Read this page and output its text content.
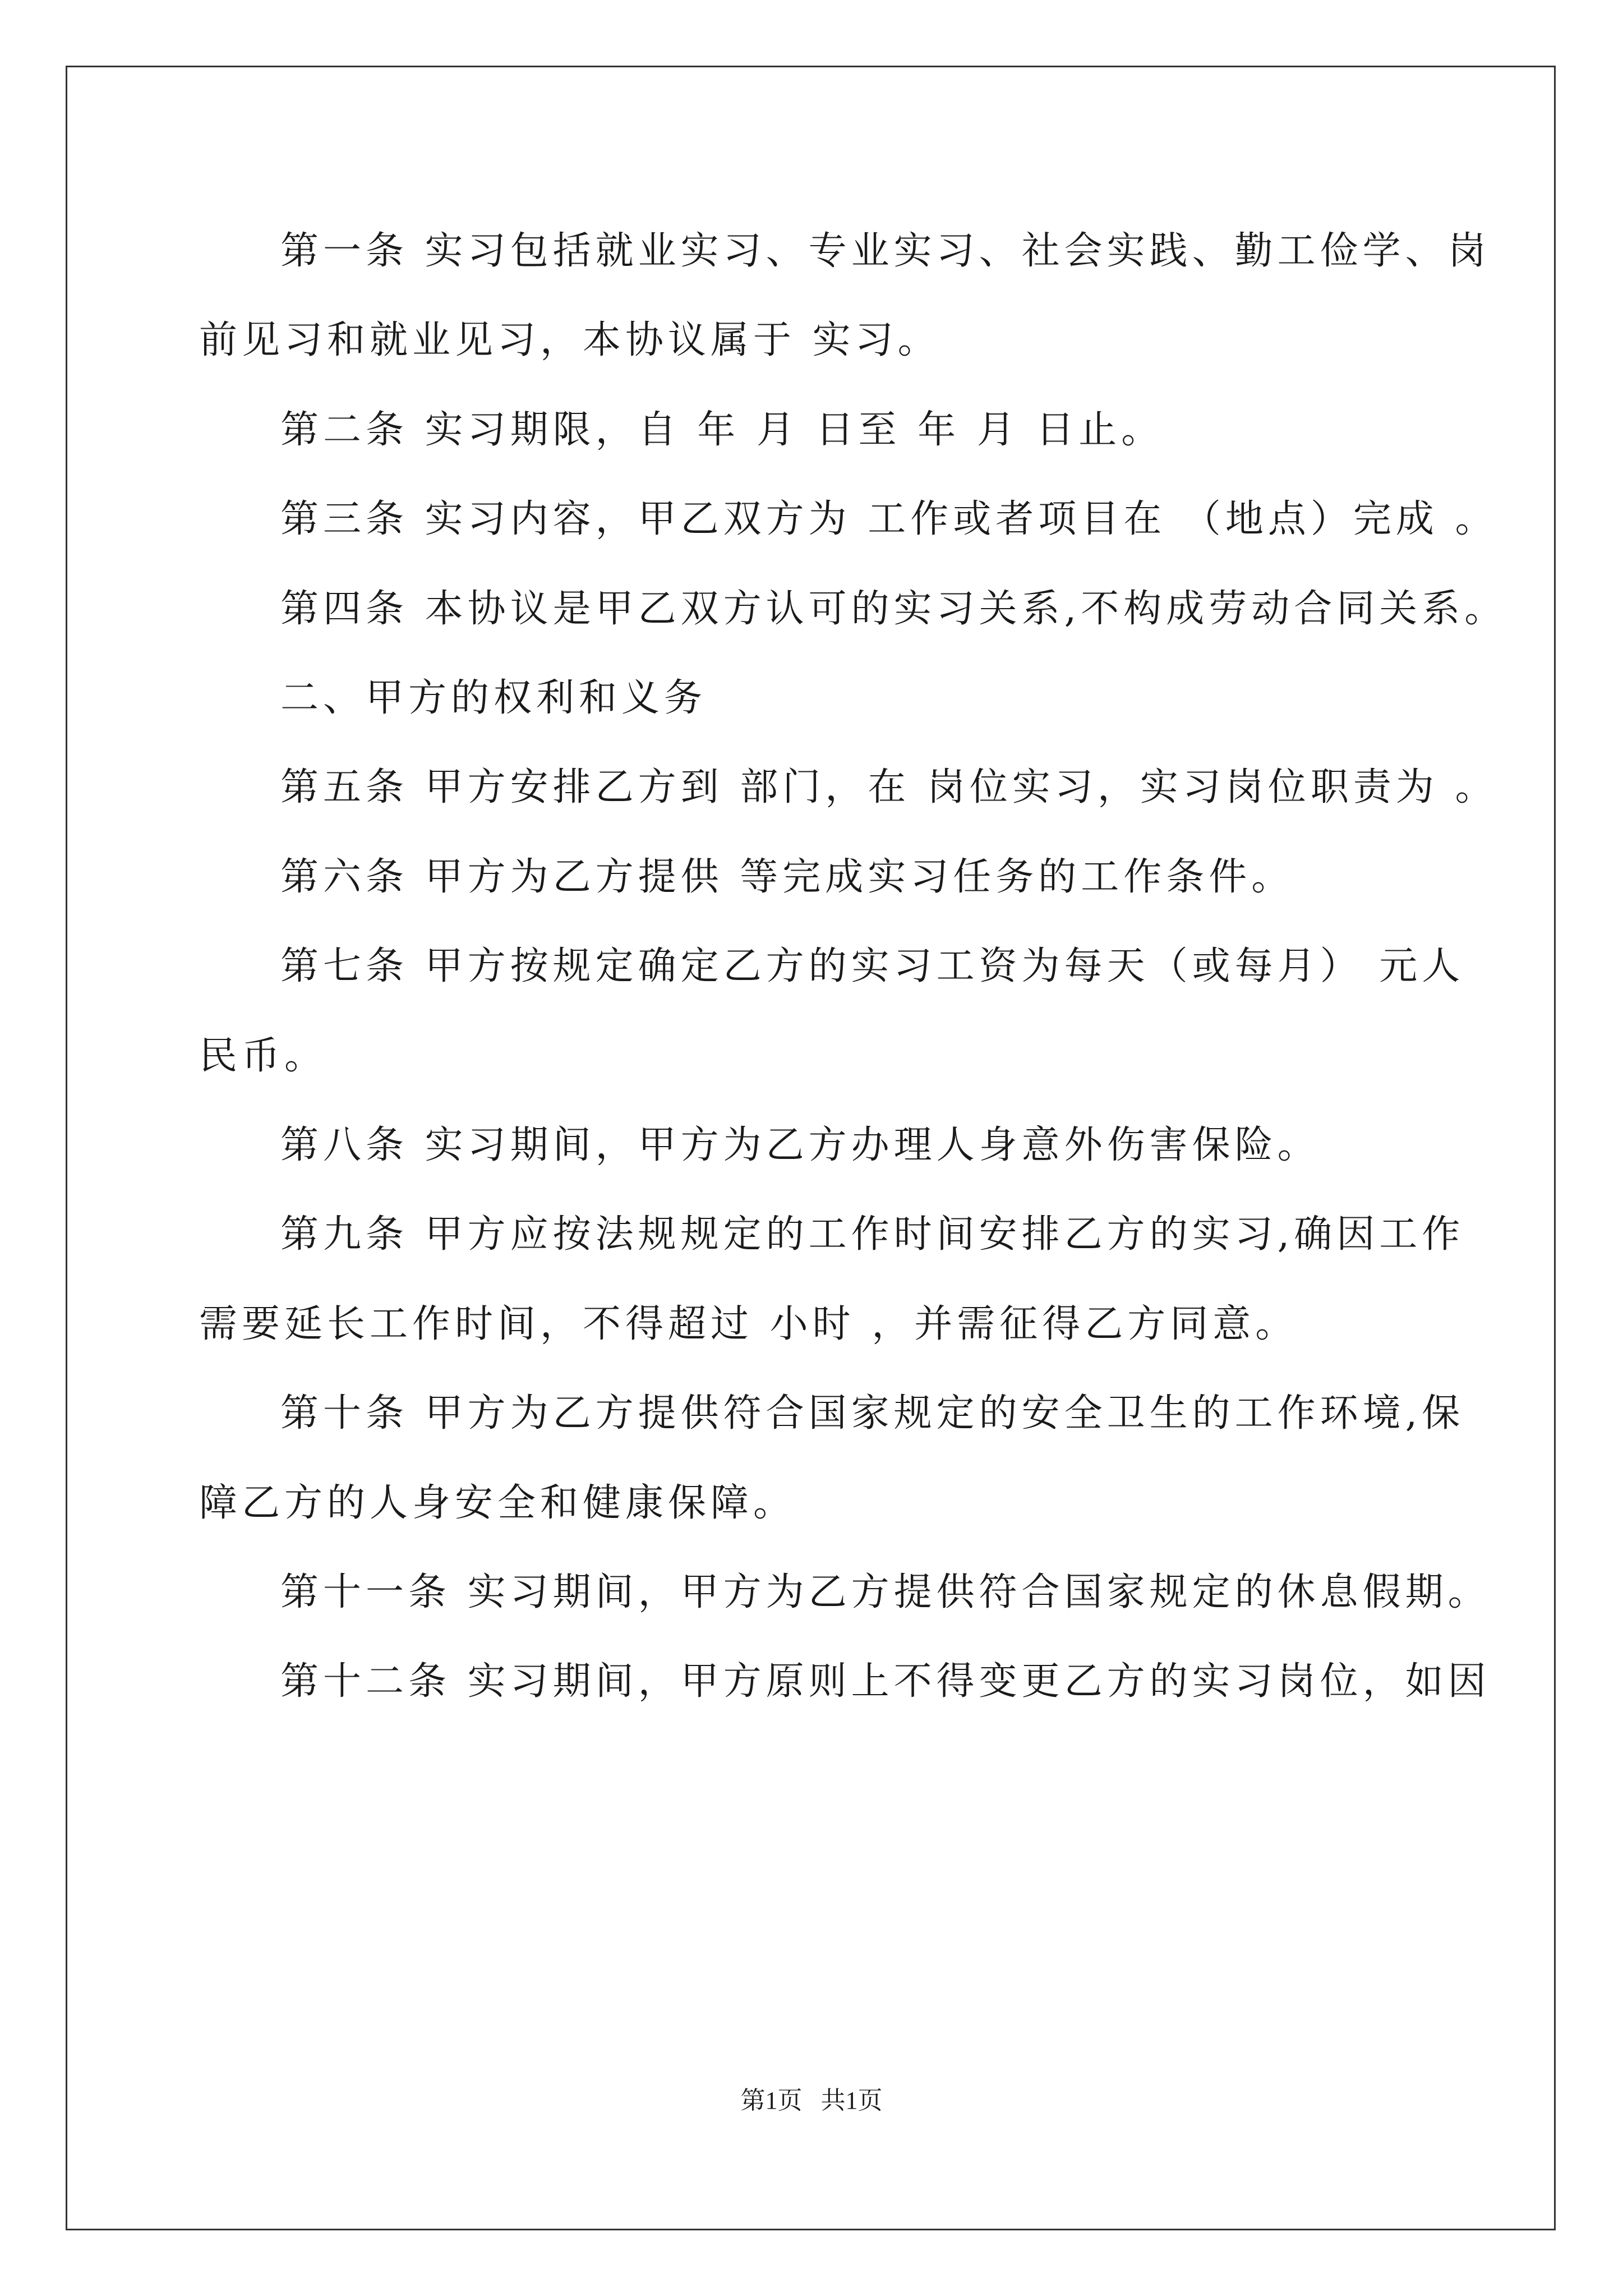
第一条 实习包括就业实习、专业实习、社会实践、勤工俭学、岗
前见习和就业见习，本协议属于 实习。
第二条 实习期限，自 年 月 日至 年 月 日止。
第三条 实习内容，甲乙双方为 工作或者项目在 （地点）完成 。
第四条 本协议是甲乙双方认可的实习关系,不构成劳动合同关系。
二、甲方的权利和义务
第五条 甲方安排乙方到 部门，在 岗位实习，实习岗位职责为 。
第六条 甲方为乙方提供 等完成实习任务的工作条件。
第七条 甲方按规定确定乙方的实习工资为每天（或每月） 元人
民币。
第八条 实习期间，甲方为乙方办理人身意外伤害保险。
第九条 甲方应按法规规定的工作时间安排乙方的实习,确因工作
需要延长工作时间，不得超过 小时 ，并需征得乙方同意。
第十条 甲方为乙方提供符合国家规定的安全卫生的工作环境,保
障乙方的人身安全和健康保障。
第十一条 实习期间，甲方为乙方提供符合国家规定的休息假期。
第十二条 实习期间，甲方原则上不得变更乙方的实习岗位，如因
第1页   共1页
